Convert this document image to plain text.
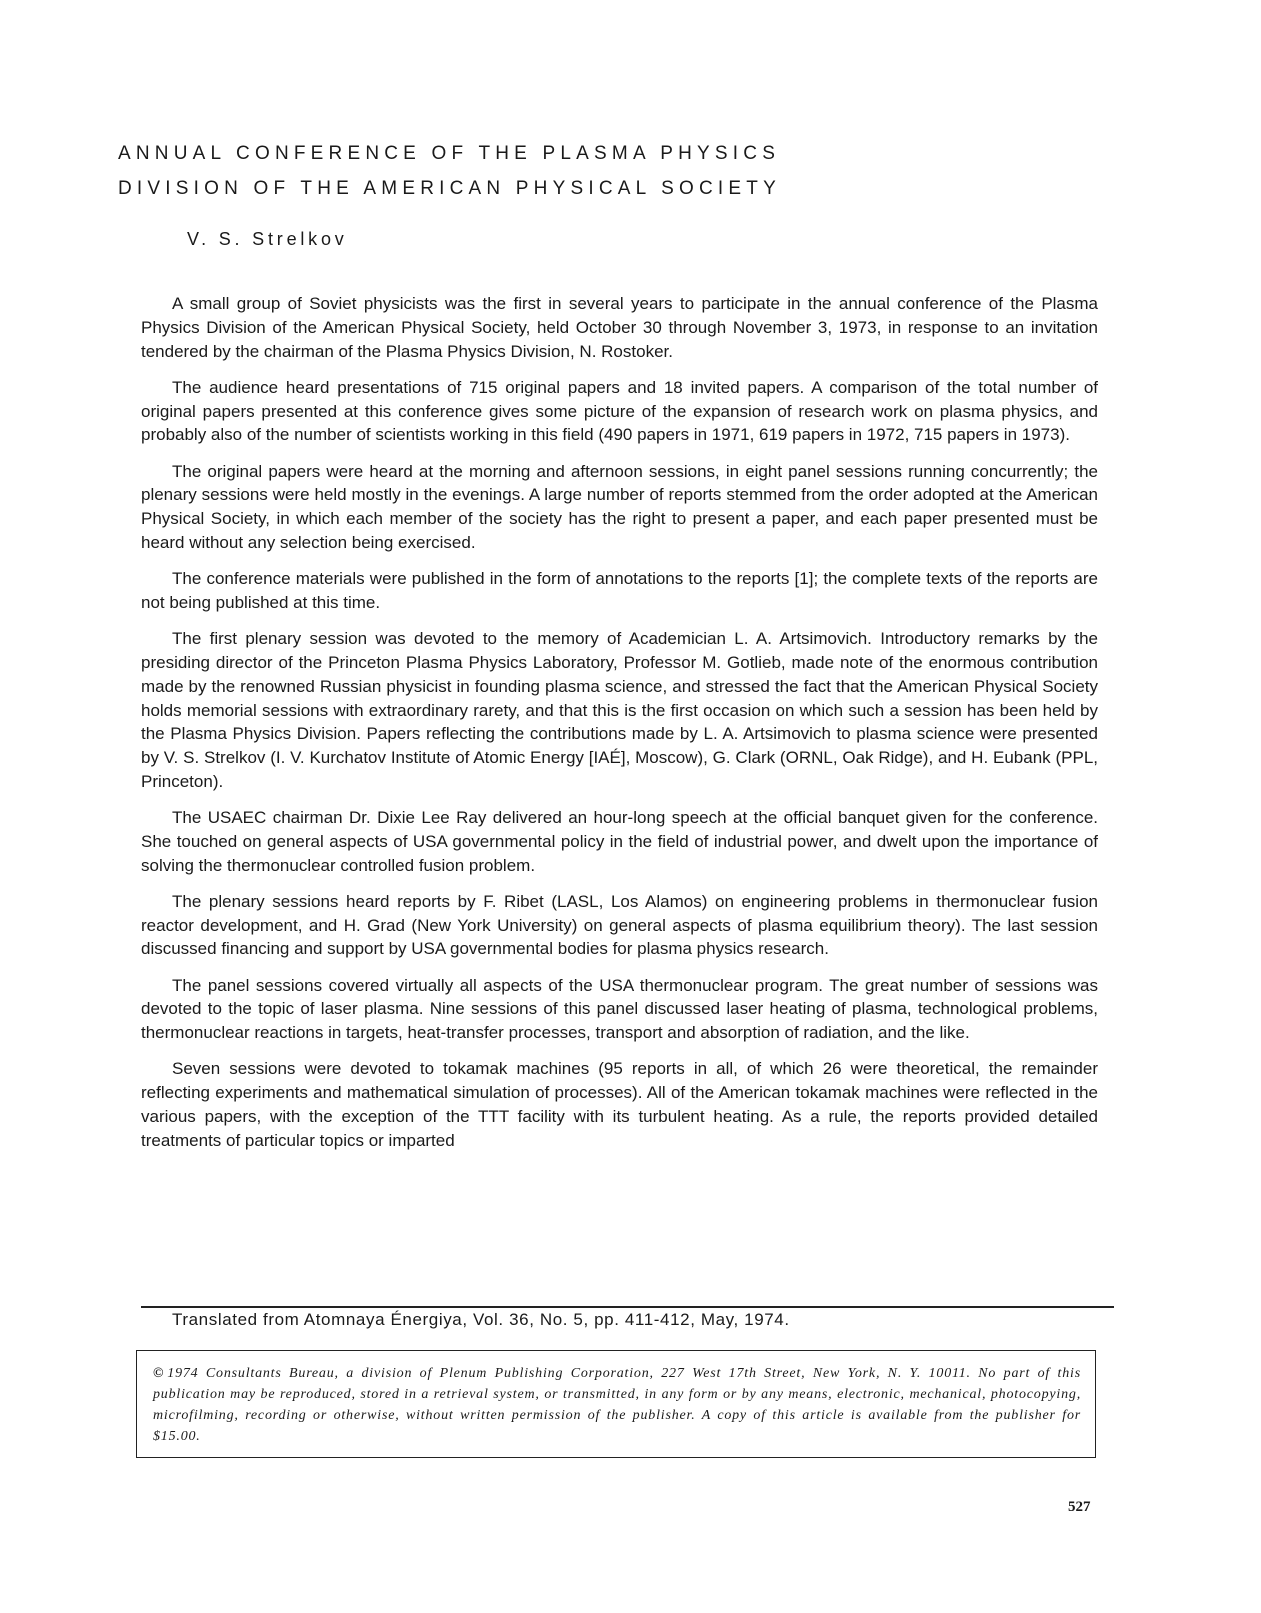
ANNUAL CONFERENCE OF THE PLASMA PHYSICS
DIVISION OF THE AMERICAN PHYSICAL SOCIETY
V. S. Strelkov

A small group of Soviet physicists was the first in several years to participate in the annual conference of the Plasma Physics Division of the American Physical Society, held October 30 through November 3, 1973, in response to an invitation tendered by the chairman of the Plasma Physics Division, N. Rostoker.

The audience heard presentations of 715 original papers and 18 invited papers. A comparison of the total number of original papers presented at this conference gives some picture of the expansion of research work on plasma physics, and probably also of the number of scientists working in this field (490 papers in 1971, 619 papers in 1972, 715 papers in 1973).

The original papers were heard at the morning and afternoon sessions, in eight panel sessions running concurrently; the plenary sessions were held mostly in the evenings. A large number of reports stemmed from the order adopted at the American Physical Society, in which each member of the society has the right to present a paper, and each paper presented must be heard without any selection being exercised.

The conference materials were published in the form of annotations to the reports [1]; the complete texts of the reports are not being published at this time.

The first plenary session was devoted to the memory of Academician L. A. Artsimovich. Introductory remarks by the presiding director of the Princeton Plasma Physics Laboratory, Professor M. Gotlieb, made note of the enormous contribution made by the renowned Russian physicist in founding plasma science, and stressed the fact that the American Physical Society holds memorial sessions with extraordinary rarety, and that this is the first occasion on which such a session has been held by the Plasma Physics Division. Papers reflecting the contributions made by L. A. Artsimovich to plasma science were presented by V. S. Strelkov (I. V. Kurchatov Institute of Atomic Energy [IAÉ], Moscow), G. Clark (ORNL, Oak Ridge), and H. Eubank (PPL, Princeton).

The USAEC chairman Dr. Dixie Lee Ray delivered an hour-long speech at the official banquet given for the conference. She touched on general aspects of USA governmental policy in the field of industrial power, and dwelt upon the importance of solving the thermonuclear controlled fusion problem.

The plenary sessions heard reports by F. Ribet (LASL, Los Alamos) on engineering problems in thermonuclear fusion reactor development, and H. Grad (New York University) on general aspects of plasma equilibrium theory). The last session discussed financing and support by USA governmental bodies for plasma physics research.

The panel sessions covered virtually all aspects of the USA thermonuclear program. The great number of sessions was devoted to the topic of laser plasma. Nine sessions of this panel discussed laser heating of plasma, technological problems, thermonuclear reactions in targets, heat-transfer processes, transport and absorption of radiation, and the like.

Seven sessions were devoted to tokamak machines (95 reports in all, of which 26 were theoretical, the remainder reflecting experiments and mathematical simulation of processes). All of the American tokamak machines were reflected in the various papers, with the exception of the TTT facility with its turbulent heating. As a rule, the reports provided detailed treatments of particular topics or imparted

Translated from Atomnaya Énergiya, Vol. 36, No. 5, pp. 411-412, May, 1974.
© 1974 Consultants Bureau, a division of Plenum Publishing Corporation, 227 West 17th Street, New York, N. Y. 10011. No part of this publication may be reproduced, stored in a retrieval system, or transmitted, in any form or by any means, electronic, mechanical, photocopying, microfilming, recording or otherwise, without written permission of the publisher. A copy of this article is available from the publisher for $15.00.
527
